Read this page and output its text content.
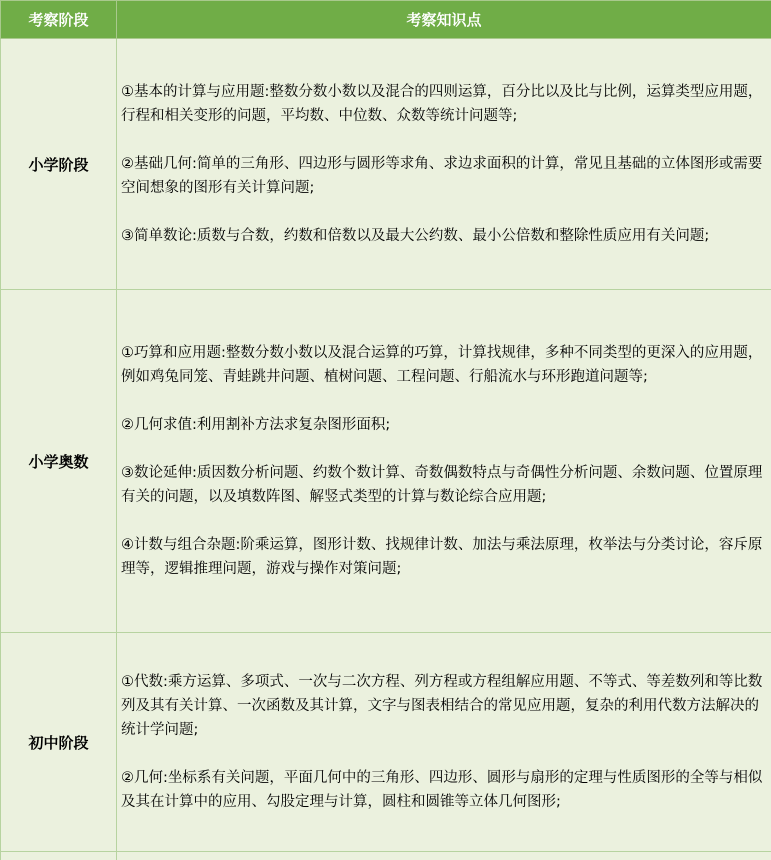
考察阶段	考察知识点
小学阶段	①基本的计算与应用题:整数分数小数以及混合的四则运算，百分比以及比与比例，运算类型应用题，行程和相关变形的问题，平均数、中位数、众数等统计问题等;

②基础几何:简单的三角形、四边形与圆形等求角、求边求面积的计算，常见且基础的立体图形或需要空间想象的图形有关计算问题;

③简单数论:质数与合数，约数和倍数以及最大公约数、最小公倍数和整除性质应用有关问题;

小学奥数	①巧算和应用题:整数分数小数以及混合运算的巧算，计算找规律，多种不同类型的更深入的应用题，例如鸡兔同笼、青蛙跳井问题、植树问题、工程问题、行船流水与环形跑道问题等;

②几何求值:利用割补方法求复杂图形面积;

③数论延伸:质因数分析问题、约数个数计算、奇数偶数特点与奇偶性分析问题、余数问题、位置原理有关的问题，以及填数阵图、解竖式类型的计算与数论综合应用题;

④计数与组合杂题:阶乘运算，图形计数、找规律计数、加法与乘法原理，枚举法与分类讨论，容斥原理等，逻辑推理问题，游戏与操作对策问题;

初中阶段	①代数:乘方运算、多项式、一次与二次方程、列方程或方程组解应用题、不等式、等差数列和等比数列及其有关计算、一次函数及其计算，文字与图表相结合的常见应用题，复杂的利用代数方法解决的统计学问题;

②几何:坐标系有关问题，平面几何中的三角形、四边形、圆形与扇形的定理与性质图形的全等与相似及其在计算中的应用、勾股定理与计算，圆柱和圆锥等立体几何图形;
